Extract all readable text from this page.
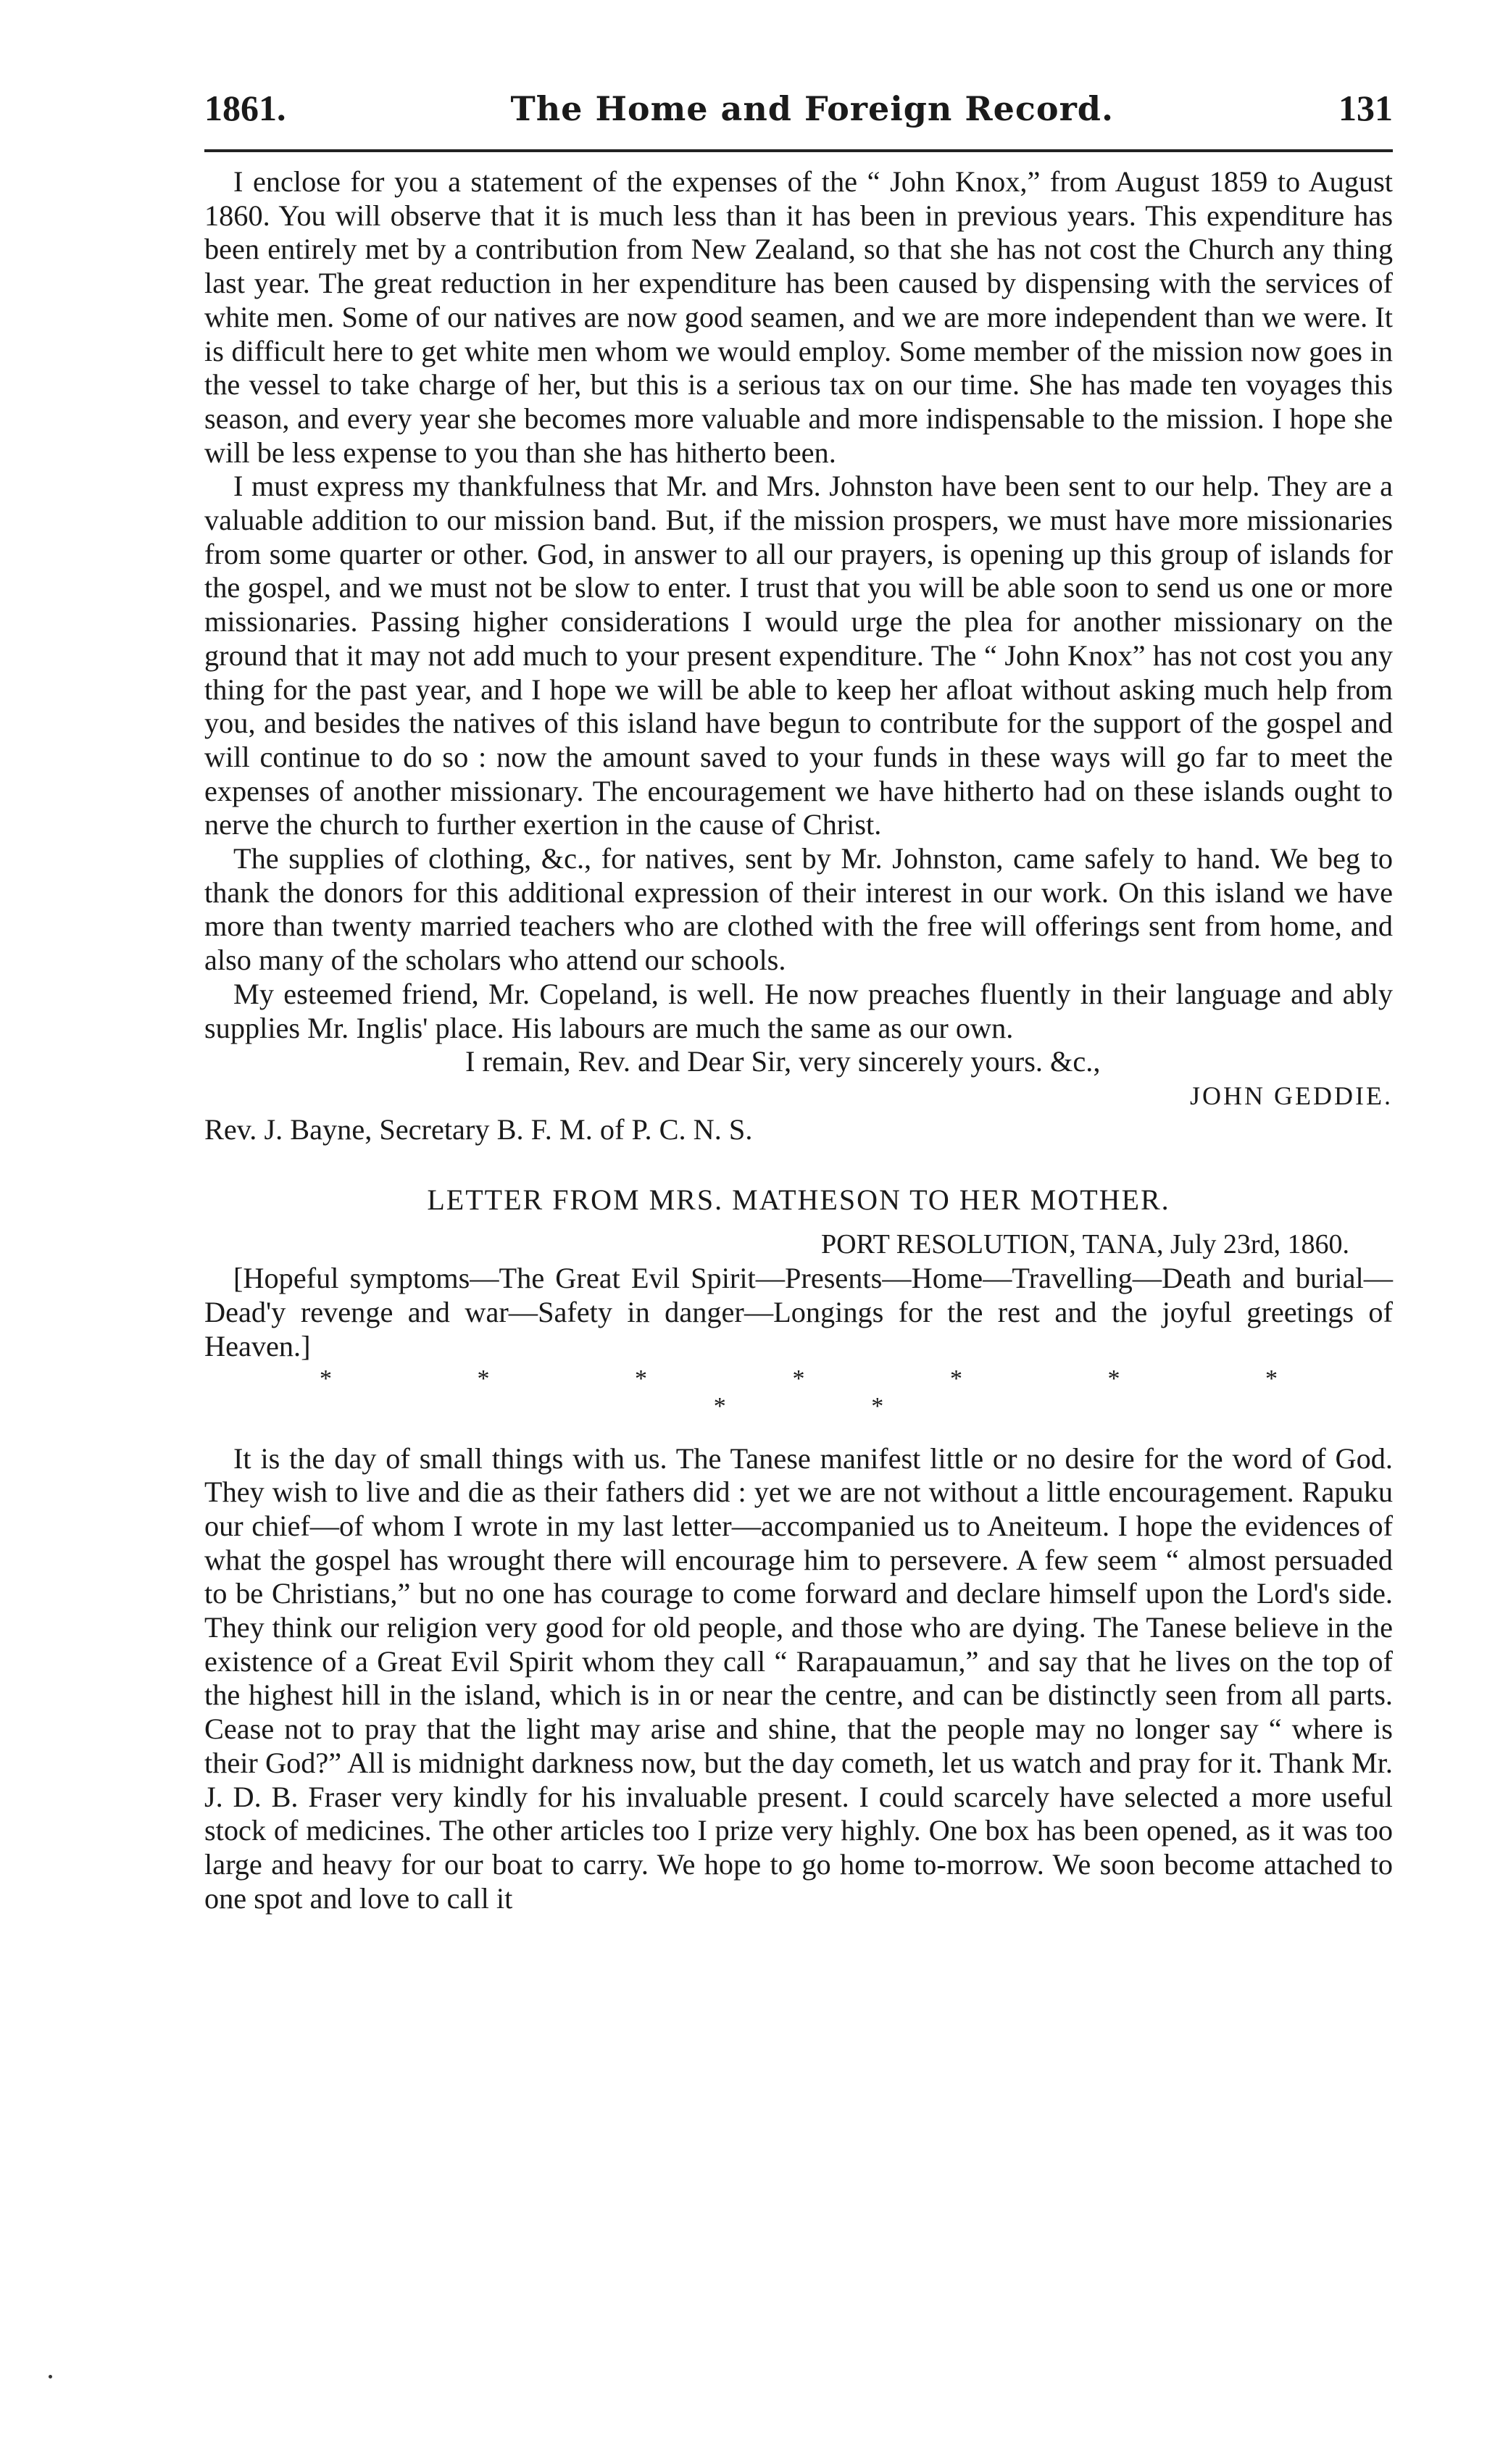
1861.	The Home and Foreign Record.	131

I enclose for you a statement of the expenses of the “ John Knox,” from August 1859 to August 1860. You will observe that it is much less than it has been in previous years. This expenditure has been entirely met by a contribution from New Zealand, so that she has not cost the Church any thing last year. The great reduction in her expenditure has been caused by dispensing with the services of white men. Some of our natives are now good seamen, and we are more independent than we were. It is difficult here to get white men whom we would employ. Some member of the mission now goes in the vessel to take charge of her, but this is a serious tax on our time. She has made ten voyages this season, and every year she becomes more valuable and more indispensable to the mission. I hope she will be less expense to you than she has hitherto been.

I must express my thankfulness that Mr. and Mrs. Johnston have been sent to our help. They are a valuable addition to our mission band. But, if the mission prospers, we must have more missionaries from some quarter or other. God, in answer to all our prayers, is opening up this group of islands for the gospel, and we must not be slow to enter. I trust that you will be able soon to send us one or more missionaries. Passing higher considerations I would urge the plea for another missionary on the ground that it may not add much to your present expenditure. The “ John Knox” has not cost you any thing for the past year, and I hope we will be able to keep her afloat without asking much help from you, and besides the natives of this island have begun to contribute for the support of the gospel and will continue to do so : now the amount saved to your funds in these ways will go far to meet the expenses of another missionary. The encouragement we have hitherto had on these islands ought to nerve the church to further exertion in the cause of Christ.

The supplies of clothing, &c., for natives, sent by Mr. Johnston, came safely to hand. We beg to thank the donors for this additional expression of their interest in our work. On this island we have more than twenty married teachers who are clothed with the free will offerings sent from home, and also many of the scholars who attend our schools.

My esteemed friend, Mr. Copeland, is well. He now preaches fluently in their language and ably supplies Mr. Inglis' place. His labours are much the same as our own.

I remain, Rev. and Dear Sir, very sincerely yours. &c.,

JOHN GEDDIE.

Rev. J. Bayne, Secretary B. F. M. of P. C. N. S.

LETTER FROM MRS. MATHESON TO HER MOTHER.

PORT RESOLUTION, TANA, July 23rd, 1860.

[Hopeful symptoms—The Great Evil Spirit—Presents—Home—Travelling—Death and burial—Dead'y revenge and war—Safety in danger—Longings for the rest and the joyful greetings of Heaven.]

* * * * * * * * *

It is the day of small things with us. The Tanese manifest little or no desire for the word of God. They wish to live and die as their fathers did : yet we are not without a little encouragement. Rapuku our chief—of whom I wrote in my last letter—accompanied us to Aneiteum. I hope the evidences of what the gospel has wrought there will encourage him to persevere. A few seem “ almost persuaded to be Christians,” but no one has courage to come forward and declare himself upon the Lord's side. They think our religion very good for old people, and those who are dying. The Tanese believe in the existence of a Great Evil Spirit whom they call “ Rarapauamun,” and say that he lives on the top of the highest hill in the island, which is in or near the centre, and can be distinctly seen from all parts. Cease not to pray that the light may arise and shine, that the people may no longer say “ where is their God?” All is midnight darkness now, but the day cometh, let us watch and pray for it. Thank Mr. J. D. B. Fraser very kindly for his invaluable present. I could scarcely have selected a more useful stock of medicines. The other articles too I prize very highly. One box has been opened, as it was too large and heavy for our boat to carry. We hope to go home to-morrow. We soon become attached to one spot and love to call it
